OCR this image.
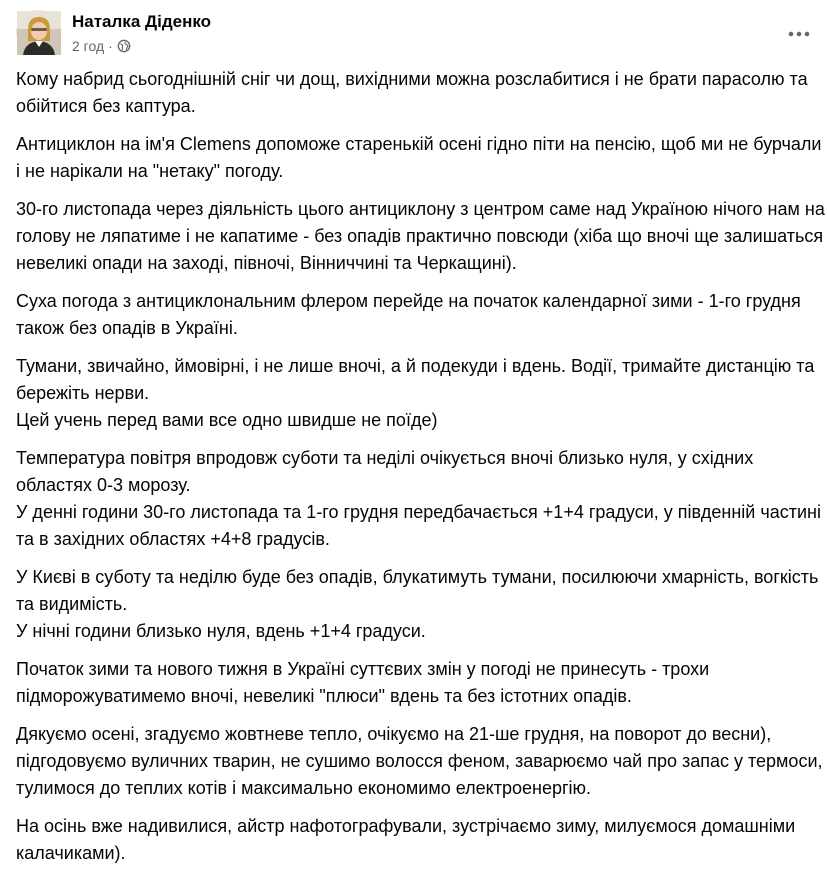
Наталка Діденко
2 год ·
Кому набрид сьогоднішній сніг чи дощ, вихідними можна розслабитися і не брати парасолю та
обійтися без каптура.
Антициклон на ім'я Clemens допоможе старенькій осені гідно піти на пенсію, щоб ми не бурчали
і не нарікали на "нетаку" погоду.
30-го листопада через діяльність цього антициклону з центром саме над Україною нічого нам на
голову не ляпатиме і не капатиме - без опадів практично повсюди (хіба що вночі ще залишаться
невеликі опади на заході, півночі, Вінниччині та Черкащині).
Суха погода з антициклональним флером перейде на початок календарної зими - 1-го грудня
також без опадів в Україні.
Тумани, звичайно, ймовірні, і не лише вночі, а й подекуди і вдень. Водії, тримайте дистанцію та
бережіть нерви.
Цей учень перед вами все одно швидше не поїде)
Температура повітря впродовж суботи та неділі очікується вночі близько нуля, у східних
областях 0-3 морозу.
У денні години 30-го листопада та 1-го грудня передбачається +1+4 градуси, у південній частині
та в західних областях +4+8 градусів.
У Києві в суботу та неділю буде без опадів, блукатимуть тумани, посилюючи хмарність, вогкість
та видимість.
У нічні години близько нуля, вдень +1+4 градуси.
Початок зими та нового тижня в Україні суттєвих змін у погоді не принесуть - трохи
підморожуватимемо вночі, невеликі "плюси" вдень та без істотних опадів.
Дякуємо осені, згадуємо жовтневе тепло, очікуємо на 21-ше грудня, на поворот до весни),
підгодовуємо вуличних тварин, не сушимо волосся феном, заварюємо чай про запас у термоси,
тулимося до теплих котів і максимально економимо електроенергію.
На осінь вже надивилися, айстр нафотографували, зустрічаємо зиму, милуємося домашніми
калачиками).
